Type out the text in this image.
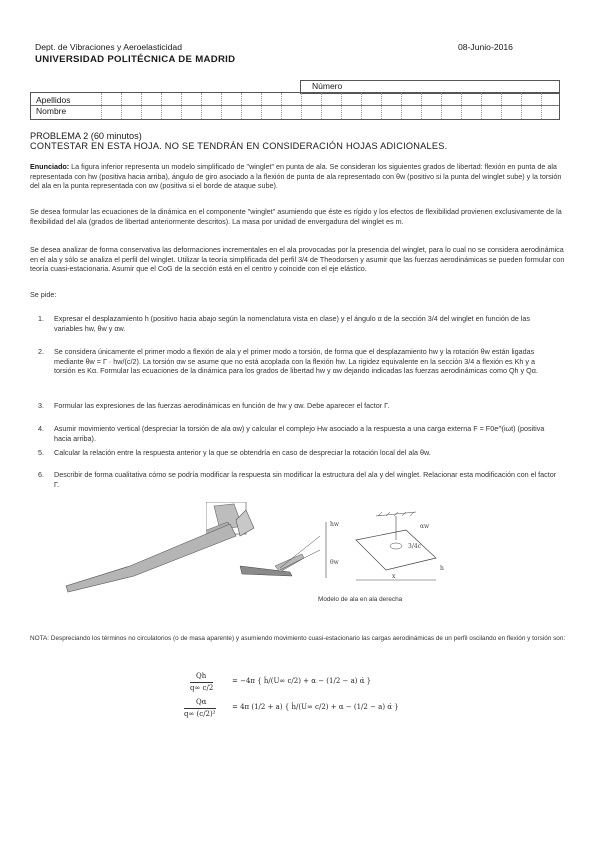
Dept. de Vibraciones y Aeroelasticidad	08-Junio-2016
UNIVERSIDAD POLITÉCNICA DE MADRID
Número
Apellidos
Nombre
PROBLEMA 2 (60 minutos)
CONTESTAR EN ESTA HOJA. NO SE TENDRÁN EN CONSIDERACIÓN HOJAS ADICIONALES.
Enunciado: La figura inferior representa un modelo simplificado de "winglet" en punta de ala. Se consideran los siguientes grados de libertad: flexión en punta de ala representada con hw (positiva hacia arriba), ángulo de giro asociado a la flexión de punta de ala representado con θw (positivo si la punta del winglet sube) y la torsión del ala en la punta representada con αw (positiva si el borde de ataque sube).
Se desea formular las ecuaciones de la dinámica en el componente "winglet" asumiendo que éste es rígido y los efectos de flexibilidad provienen exclusivamente de la flexibilidad del ala (grados de libertad anteriormente descritos). La masa por unidad de envergadura del winglet es m.
Se desea analizar de forma conservativa las deformaciones incrementales en el ala provocadas por la presencia del winglet, para lo cual no se considera aerodinámica en el ala y sólo se analiza el perfil del winglet. Utilizar la teoría simplificada del perfil 3/4 de Theodorsen y asumir que las fuerzas aerodinámicas se pueden formular con teoría cuasi-estacionaria. Asumir que el CoG de la sección está en el centro y coincide con el eje elástico.
Se pide:
1. Expresar el desplazamiento h (positivo hacia abajo según la nomenclatura vista en clase) y el ángulo α de la sección 3/4 del winglet en función de las variables hw, θw y αw.
2. Se considera únicamente el primer modo a flexión de ala y el primer modo a torsión, de forma que el desplazamiento hw y la rotación θw están ligadas mediante θw = Γ · hw/(c/2). La torsión αw se asume que no está acoplada con la flexión hw. La rigidez equivalente en la sección 3/4 a flexión es Kh y a torsión es Kα. Formular las ecuaciones de la dinámica para los grados de libertad hw y αw dejando indicadas las fuerzas aerodinámicas como Qh y Qα.
3. Formular las expresiones de las fuerzas aerodinámicas en función de hw y αw. Debe aparecer el factor Γ.
4. Asumir movimiento vertical (despreciar la torsión de ala αw) y calcular el complejo Hw asociado a la respuesta a una carga externa F = F0e^(iωt) (positiva hacia arriba).
5. Calcular la relación entre la respuesta anterior y la que se obtendría en caso de despreciar la rotación local del ala θw.
6. Describir de forma cualitativa cómo se podría modificar la respuesta sin modificar la estructura del ala y del winglet. Relacionar esta modificación con el factor Γ.
hw
θw
αw
3/4c
h
x
Modelo de ala en ala derecha
NOTA: Despreciando los términos no circulatorios (o de masa aparente) y asumiendo movimiento cuasi-estacionario las cargas aerodinámicas de un perfil oscilando en flexión y torsión son:
Qh
q∞ c/2
= −4π { ḣ/(U∞ c/2) + α − (1/2 − a) α̇ }
Qα
q∞ (c/2)²
= 4π (1/2 + a) { ḣ/(U∞ c/2) + α − (1/2 − a) α̇ }
